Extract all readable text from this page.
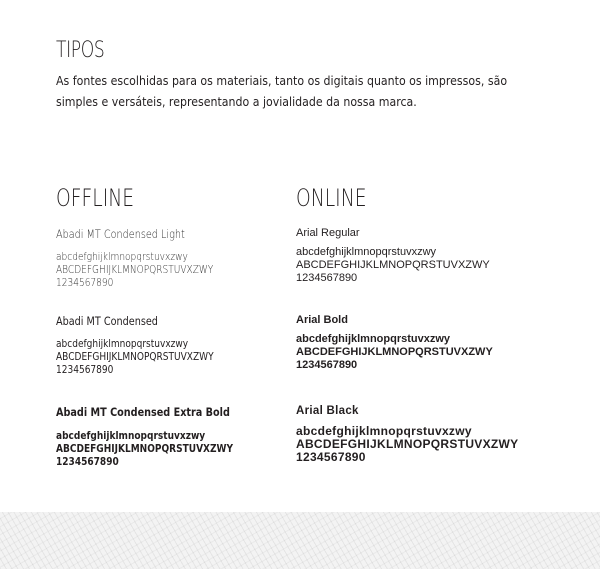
TIPOS
As fontes escolhidas para os materiais, tanto os digitais quanto os impressos, são
simples e versáteis, representando a jovialidade da nossa marca.
OFFLINE
Abadi MT Condensed Light
abcdefghijklmnopqrstuvxzwy
ABCDEFGHIJKLMNOPQRSTUVXZWY
1234567890
Abadi MT Condensed
abcdefghijklmnopqrstuvxzwy
ABCDEFGHIJKLMNOPQRSTUVXZWY
1234567890
Abadi MT Condensed Extra Bold
abcdefghijklmnopqrstuvxzwy
ABCDEFGHIJKLMNOPQRSTUVXZWY
1234567890
ONLINE
Arial Regular
abcdefghijklmnopqrstuvxzwy
ABCDEFGHIJKLMNOPQRSTUVXZWY
1234567890
Arial Bold
abcdefghijklmnopqrstuvxzwy
ABCDEFGHIJKLMNOPQRSTUVXZWY
1234567890
Arial Black
abcdefghijklmnopqrstuvxzwy
ABCDEFGHIJKLMNOPQRSTUVXZWY
1234567890
